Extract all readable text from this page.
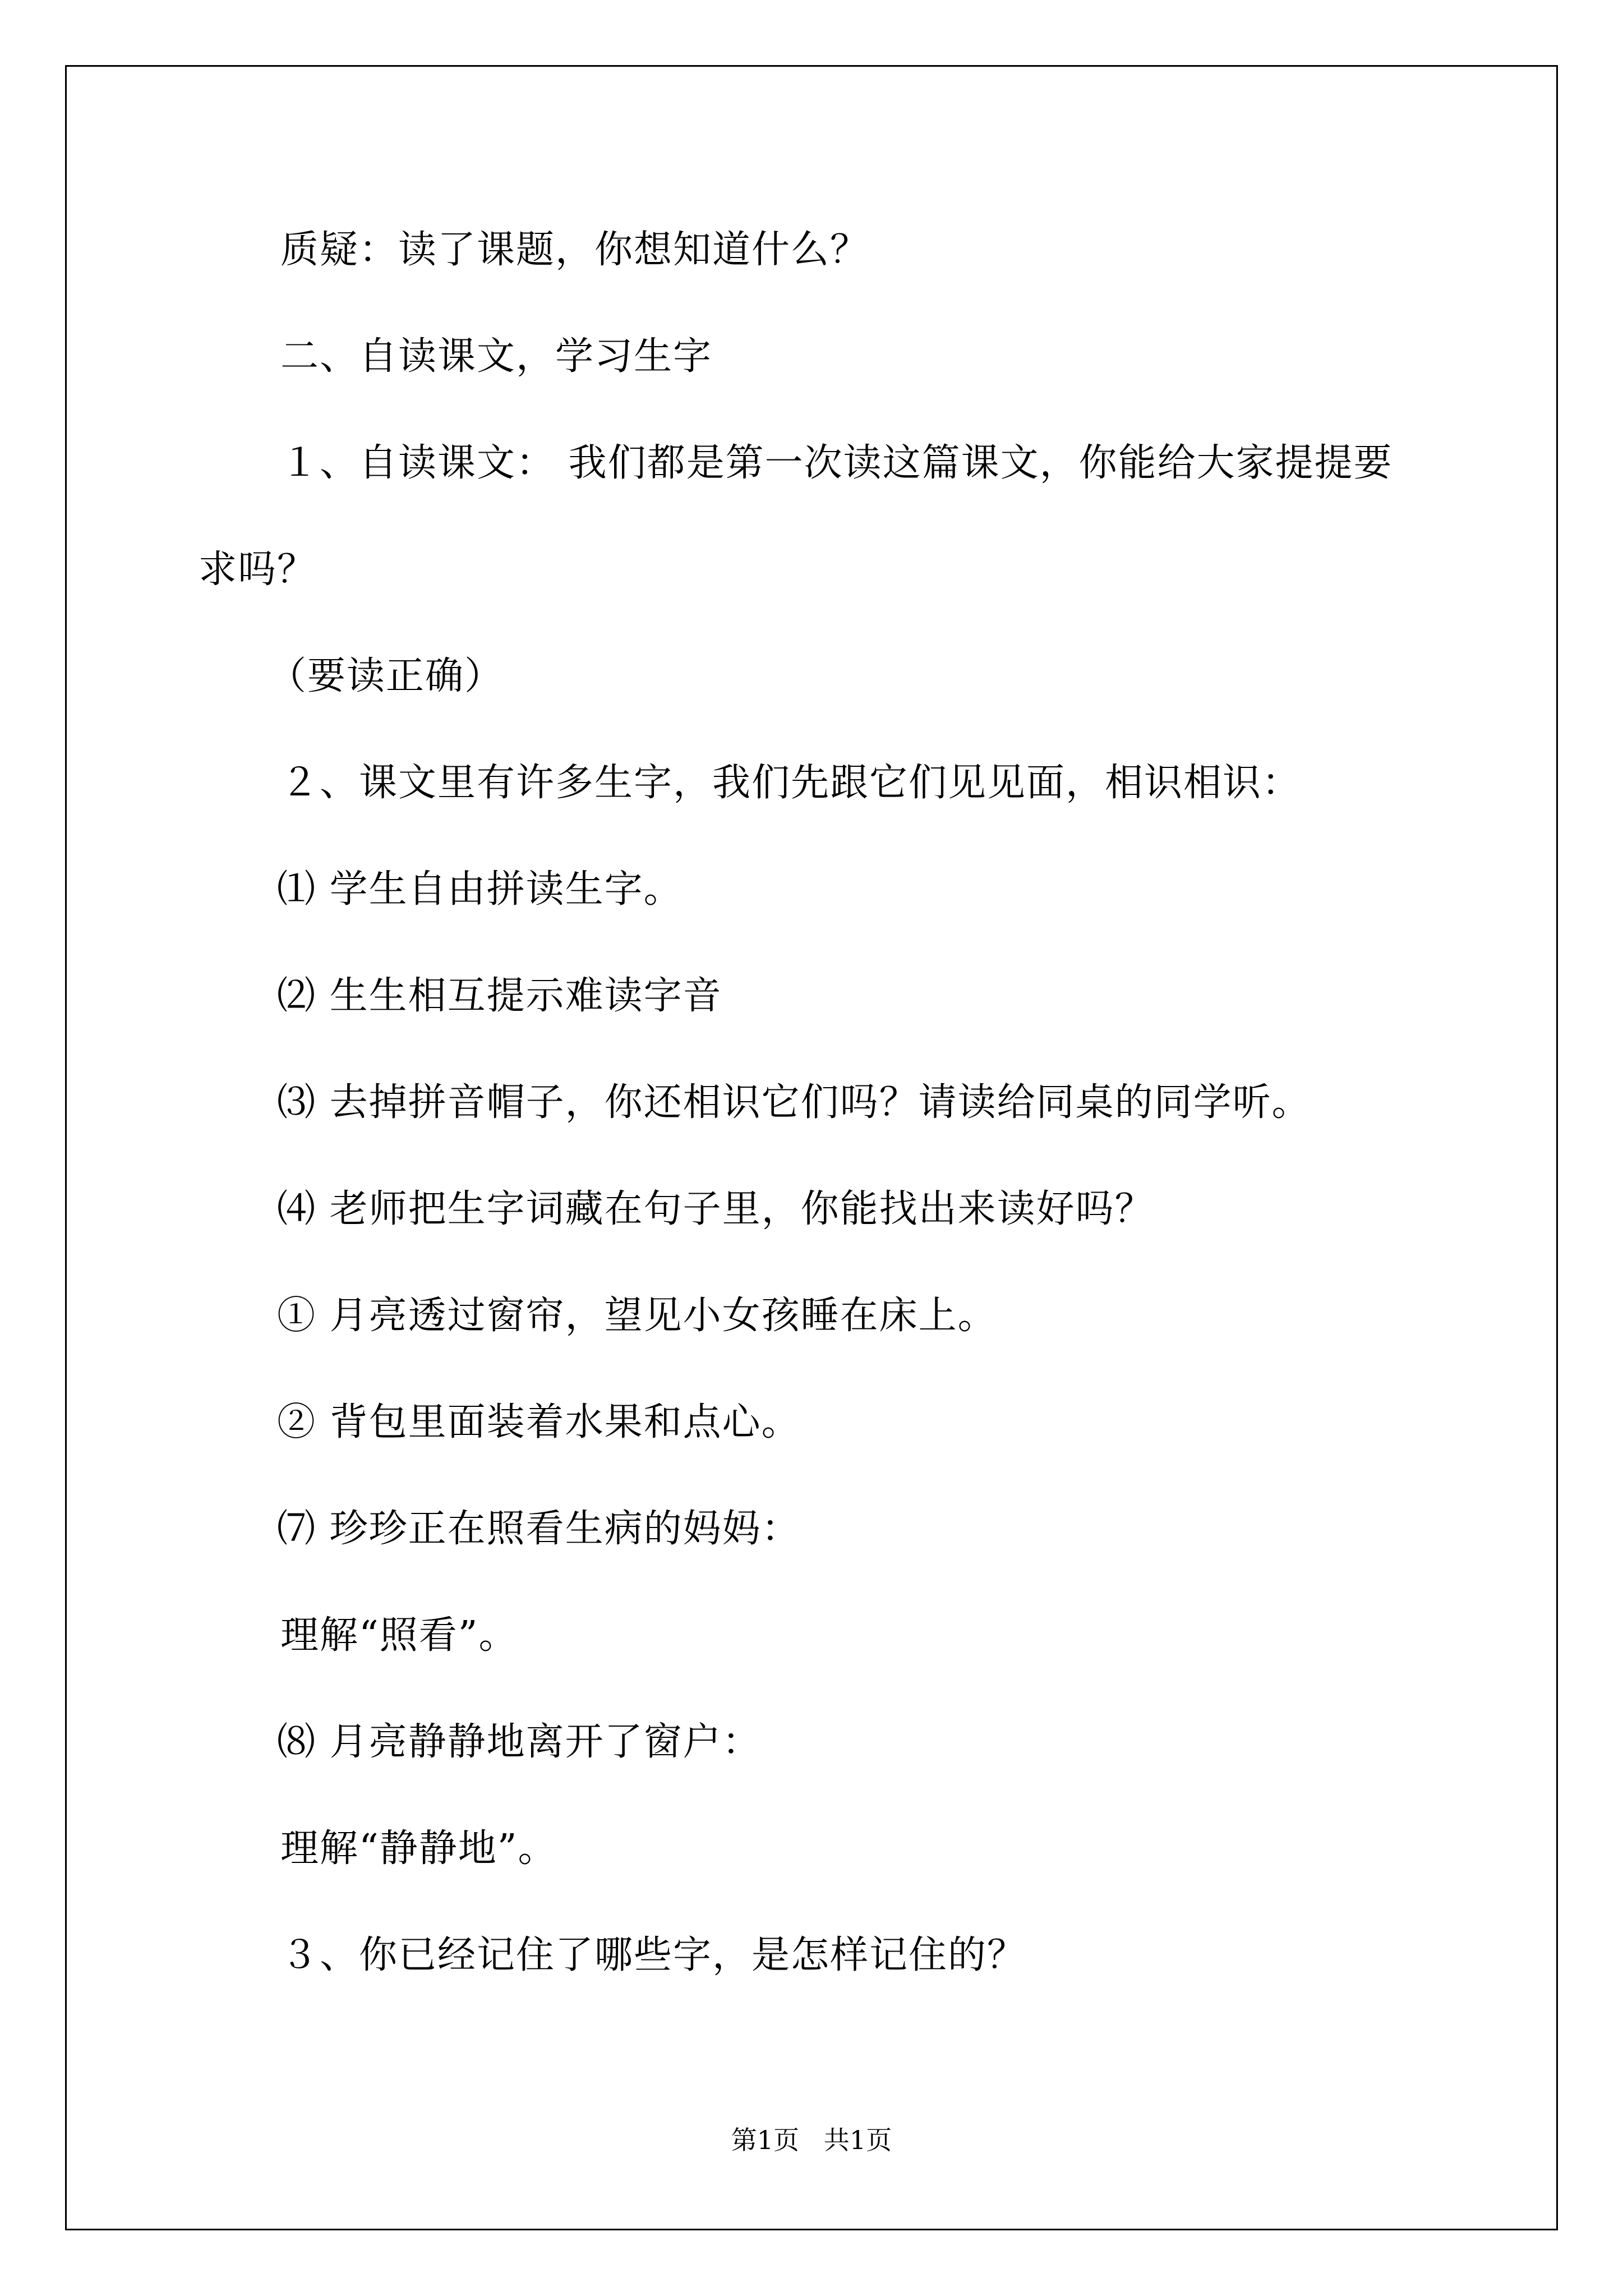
质疑：读了课题，你想知道什么？

二、自读课文，学习生字

１、自读课文： 我们都是第一次读这篇课文，你能给大家提提要

求吗？

（要读正确）

２、课文里有许多生字，我们先跟它们见见面，相识相识：

⑴ 学生自由拼读生字。

⑵ 生生相互提示难读字音

⑶ 去掉拼音帽子，你还相识它们吗？请读给同桌的同学听。

⑷ 老师把生字词藏在句子里，你能找出来读好吗？

① 月亮透过窗帘，望见小女孩睡在床上。

② 背包里面装着水果和点心。

⑺ 珍珍正在照看生病的妈妈：

理解“照看”。

⑻ 月亮静静地离开了窗户：

理解“静静地”。

３、你已经记住了哪些字，是怎样记住的？

第1页   共1页
